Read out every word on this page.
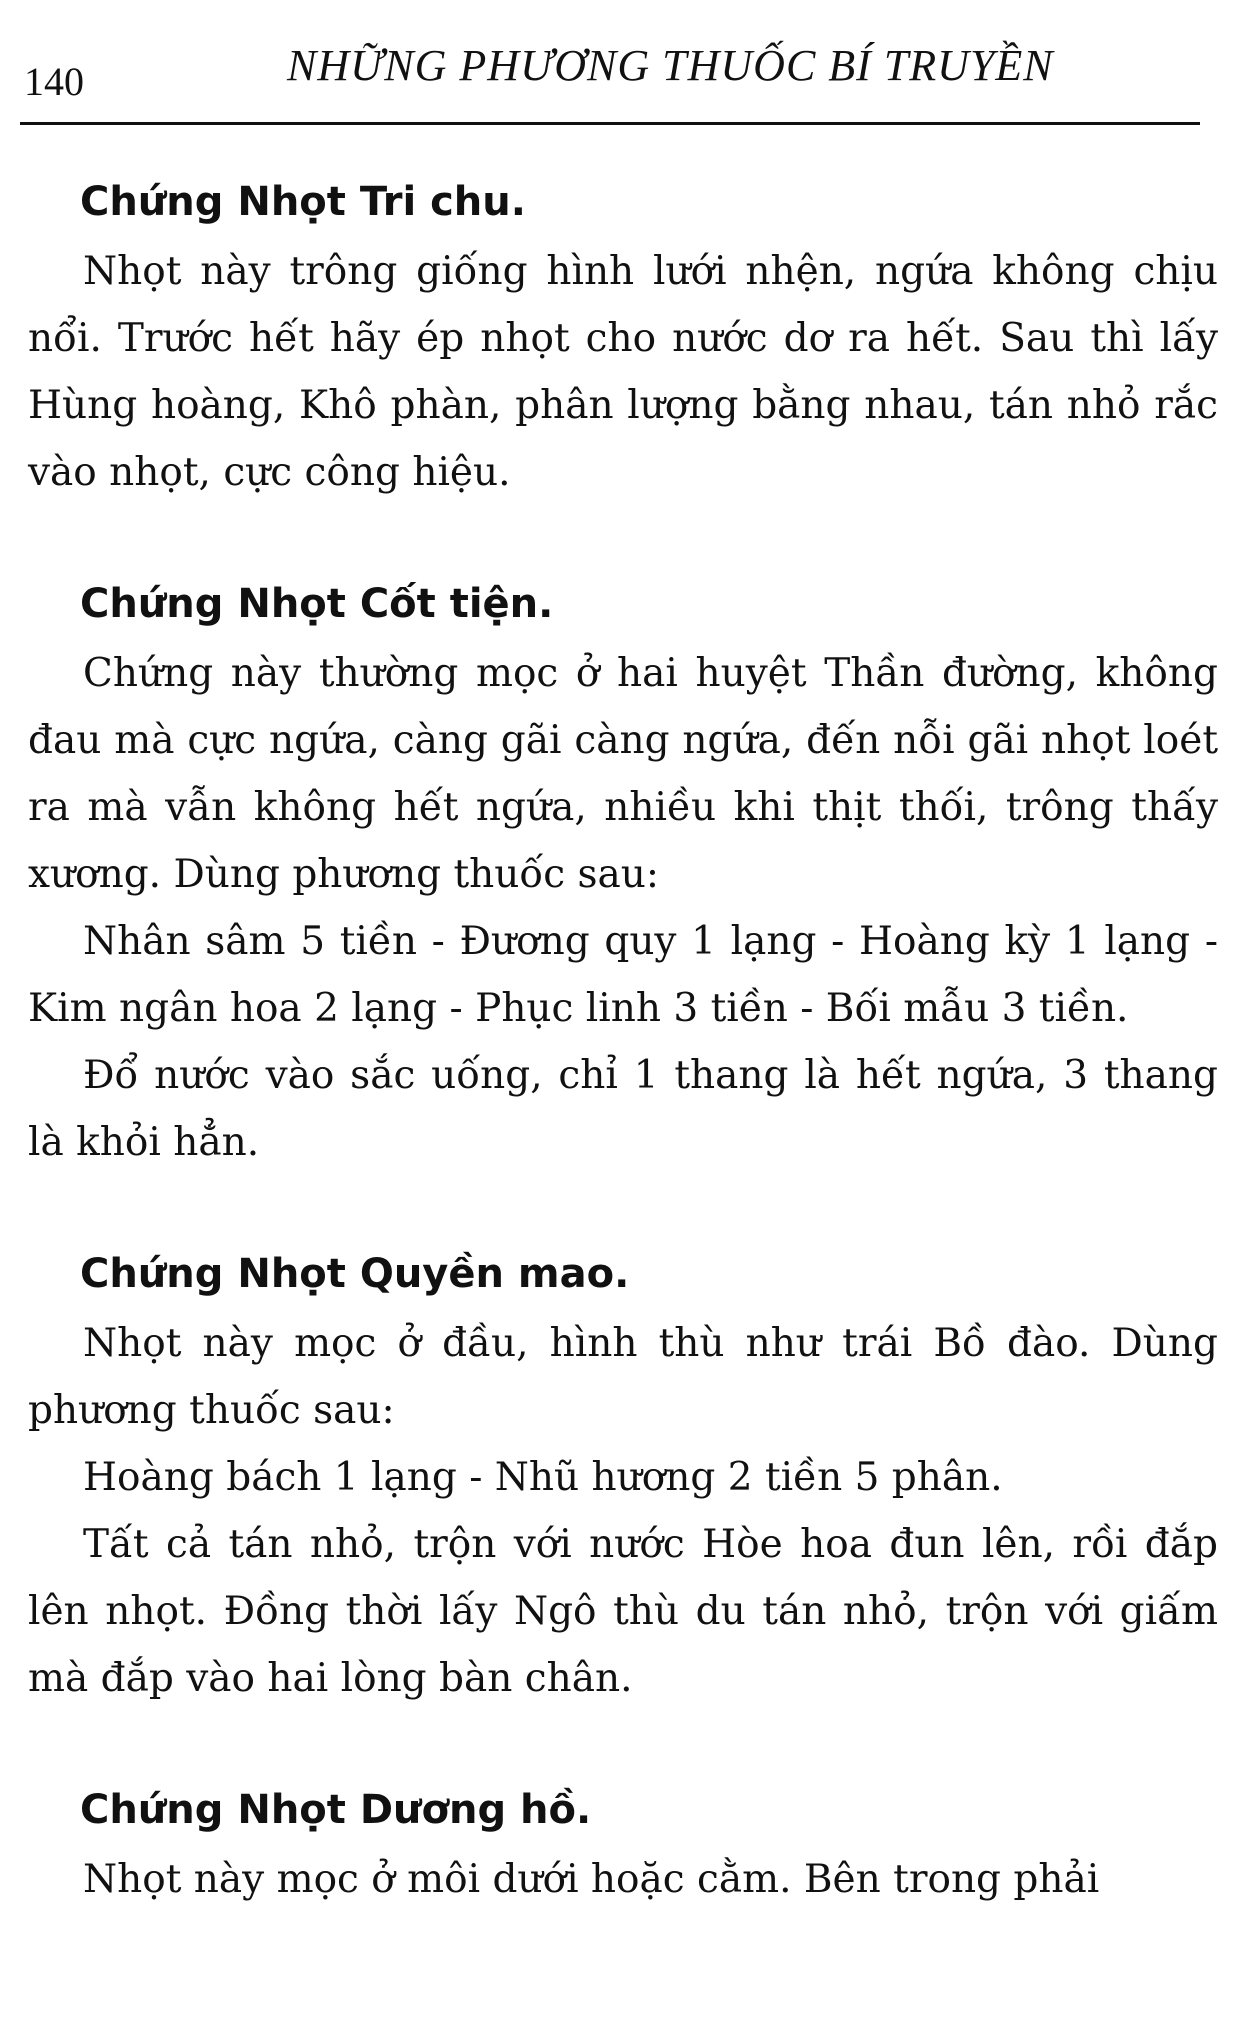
140	NHỮNG PHƯƠNG THUỐC BÍ TRUYỀN
Chứng Nhọt Tri chu.

Nhọt này trông giống hình lưới nhện, ngứa không chịu nổi. Trước hết hãy ép nhọt cho nước dơ ra hết. Sau thì lấy Hùng hoàng, Khô phàn, phân lượng bằng nhau, tán nhỏ rắc vào nhọt, cực công hiệu.

Chứng Nhọt Cốt tiện.

Chứng này thường mọc ở hai huyệt Thần đường, không đau mà cực ngứa, càng gãi càng ngứa, đến nỗi gãi nhọt loét ra mà vẫn không hết ngứa, nhiều khi thịt thối, trông thấy xương. Dùng phương thuốc sau:

Nhân sâm 5 tiền - Đương quy 1 lạng - Hoàng kỳ 1 lạng - Kim ngân hoa 2 lạng - Phục linh 3 tiền - Bối mẫu 3 tiền.

Đổ nước vào sắc uống, chỉ 1 thang là hết ngứa, 3 thang là khỏi hẳn.

Chứng Nhọt Quyền mao.

Nhọt này mọc ở đầu, hình thù như trái Bồ đào. Dùng phương thuốc sau:

Hoàng bách 1 lạng - Nhũ hương 2 tiền 5 phân.

Tất cả tán nhỏ, trộn với nước Hòe hoa đun lên, rồi đắp lên nhọt. Đồng thời lấy Ngô thù du tán nhỏ, trộn với giấm mà đắp vào hai lòng bàn chân.

Chứng Nhọt Dương hồ.

Nhọt này mọc ở môi dưới hoặc cằm. Bên trong phải
